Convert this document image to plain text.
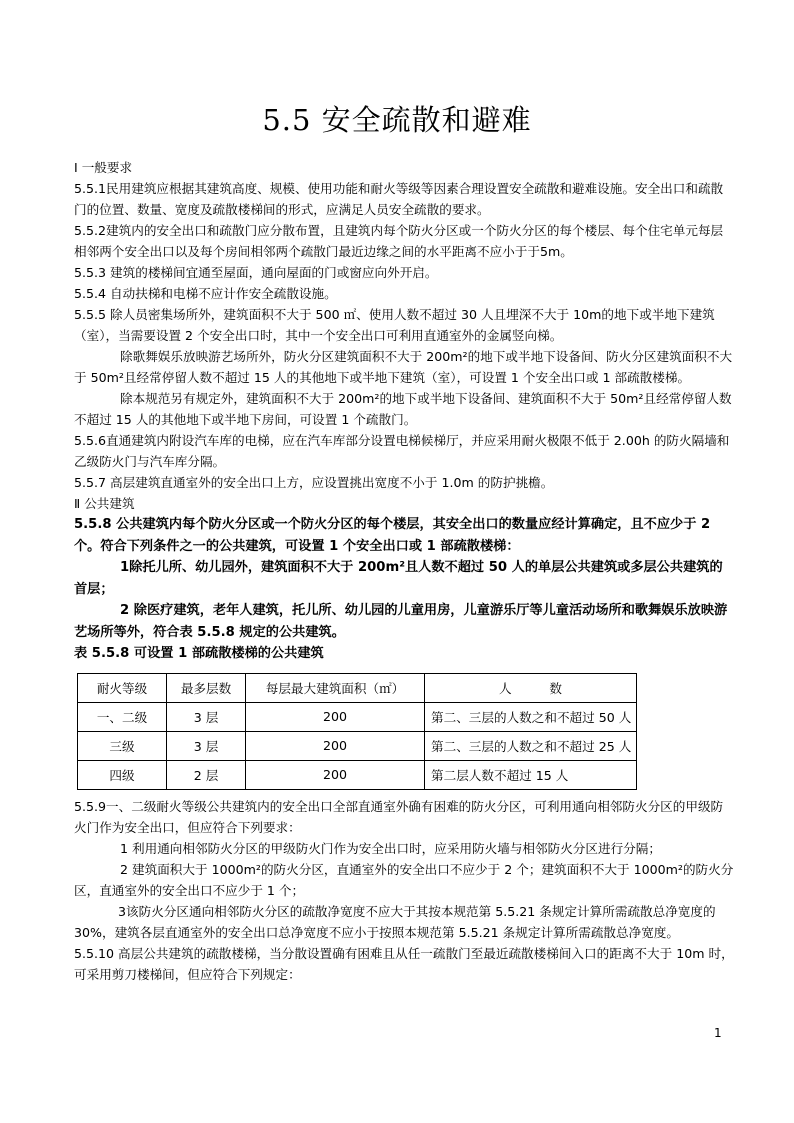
5.5 安全疏散和避难

Ⅰ 一般要求

5.5.1民用建筑应根据其建筑高度、规模、使用功能和耐火等级等因素合理设置安全疏散和避难设施。安全出口和疏散门的位置、数量、宽度及疏散楼梯间的形式，应满足人员安全疏散的要求。

5.5.2建筑内的安全出口和疏散门应分散布置，且建筑内每个防火分区或一个防火分区的每个楼层、每个住宅单元每层相邻两个安全出口以及每个房间相邻两个疏散门最近边缘之间的水平距离不应小于于5m。

5.5.3 建筑的楼梯间宜通至屋面，通向屋面的门或窗应向外开启。

5.5.4 自动扶梯和电梯不应计作安全疏散设施。

5.5.5 除人员密集场所外，建筑面积不大于 500 ㎡、使用人数不超过 30 人且埋深不大于 10m的地下或半地下建筑（室），当需要设置 2 个安全出口时，其中一个安全出口可利用直通室外的金属竖向梯。

除歌舞娱乐放映游艺场所外，防火分区建筑面积不大于 200m²的地下或半地下设备间、防火分区建筑面积不大于 50m²且经常停留人数不超过 15 人的其他地下或半地下建筑（室），可设置 1 个安全出口或 1 部疏散楼梯。

除本规范另有规定外，建筑面积不大于 200m²的地下或半地下设备间、建筑面积不大于 50m²且经常停留人数不超过 15 人的其他地下或半地下房间，可设置 1 个疏散门。

5.5.6直通建筑内附设汽车库的电梯，应在汽车库部分设置电梯候梯厅，并应采用耐火极限不低于 2.00h 的防火隔墙和乙级防火门与汽车库分隔。

5.5.7 高层建筑直通室外的安全出口上方，应设置挑出宽度不小于 1.0m 的防护挑檐。

Ⅱ 公共建筑

5.5.8 公共建筑内每个防火分区或一个防火分区的每个楼层，其安全出口的数量应经计算确定，且不应少于 2 个。符合下列条件之一的公共建筑，可设置 1 个安全出口或 1 部疏散楼梯：

1除托儿所、幼儿园外，建筑面积不大于 200m²且人数不超过 50 人的单层公共建筑或多层公共建筑的首层；

2 除医疗建筑，老年人建筑，托儿所、幼儿园的儿童用房，儿童游乐厅等儿童活动场所和歌舞娱乐放映游艺场所等外，符合表 5.5.8 规定的公共建筑。

表 5.5.8 可设置 1 部疏散楼梯的公共建筑

耐火等级	最多层数	每层最大建筑面积（㎡）	人　　　数
一、二级	3 层	200	第二、三层的人数之和不超过 50 人
三级	3 层	200	第二、三层的人数之和不超过 25 人
四级	2 层	200	第二层人数不超过 15 人

5.5.9一、二级耐火等级公共建筑内的安全出口全部直通室外确有困难的防火分区，可利用通向相邻防火分区的甲级防火门作为安全出口，但应符合下列要求：

1 利用通向相邻防火分区的甲级防火门作为安全出口时，应采用防火墙与相邻防火分区进行分隔；

2 建筑面积大于 1000m²的防火分区，直通室外的安全出口不应少于 2 个；建筑面积不大于 1000m²的防火分区，直通室外的安全出口不应少于 1 个；

3该防火分区通向相邻防火分区的疏散净宽度不应大于其按本规范第 5.5.21 条规定计算所需疏散总净宽度的 30%，建筑各层直通室外的安全出口总净宽度不应小于按照本规范第 5.5.21 条规定计算所需疏散总净宽度。

5.5.10 高层公共建筑的疏散楼梯，当分散设置确有困难且从任一疏散门至最近疏散楼梯间入口的距离不大于 10m 时，可采用剪刀楼梯间，但应符合下列规定：

1
